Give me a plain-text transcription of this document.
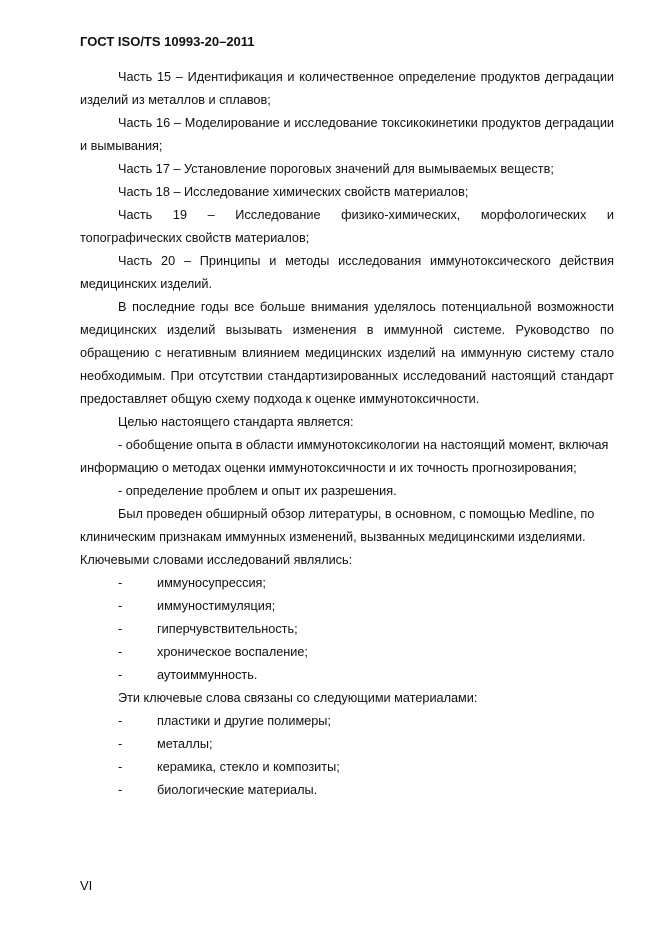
ГОСТ ISO/TS 10993-20–2011

Часть 15 – Идентификация и количественное определение продуктов деградации изделий из металлов и сплавов;

Часть 16 – Моделирование и исследование токсикокинетики продуктов деградации и вымывания;

Часть 17 – Установление пороговых значений для вымываемых веществ;

Часть 18 – Исследование химических свойств материалов;

Часть 19 – Исследование физико-химических, морфологических и топографических свойств материалов;

Часть 20 – Принципы и методы исследования иммунотоксического действия медицинских изделий.

В последние годы все больше внимания уделялось потенциальной возможности медицинских изделий вызывать изменения в иммунной системе. Руководство по обращению с негативным влиянием медицинских изделий на иммунную систему стало необходимым. При отсутствии стандартизированных исследований настоящий стандарт предоставляет общую схему подхода к оценке иммунотоксичности.

Целью настоящего стандарта является:

- обобщение опыта в области иммунотоксикологии на настоящий момент, включая информацию о методах оценки иммунотоксичности и их точность прогнозирования;

- определение проблем и опыт их разрешения.

Был проведен обширный обзор литературы, в основном, с помощью Medline, по клиническим признакам иммунных изменений, вызванных медицинскими изделиями. Ключевыми словами исследований являлись:

-	иммуносупрессия;
-	иммуностимуляция;
-	гиперчувствительность;
-	хроническое воспаление;
-	аутоиммунность.

Эти ключевые слова связаны со следующими материалами:

-	пластики и другие полимеры;
-	металлы;
-	керамика, стекло и композиты;
-	биологические материалы.
VI
